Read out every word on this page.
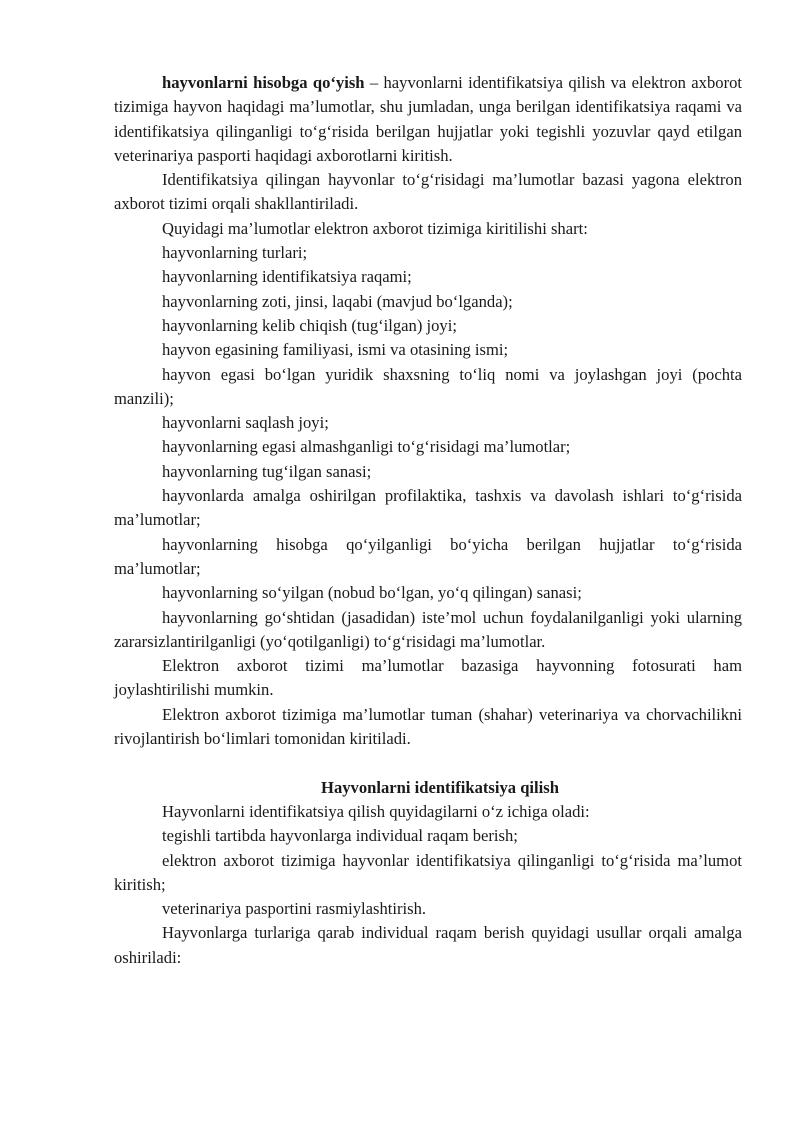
hayvonlarni hisobga qo‘yish – hayvonlarni identifikatsiya qilish va elektron axborot tizimiga hayvon haqidagi ma’lumotlar, shu jumladan, unga berilgan identifikatsiya raqami va identifikatsiya qilinganligi to‘g‘risida berilgan hujjatlar yoki tegishli yozuvlar qayd etilgan veterinariya pasporti haqidagi axborotlarni kiritish.

Identifikatsiya qilingan hayvonlar to‘g‘risidagi ma’lumotlar bazasi yagona elektron axborot tizimi orqali shakllantiriladi.

Quyidagi ma’lumotlar elektron axborot tizimiga kiritilishi shart:

hayvonlarning turlari;

hayvonlarning identifikatsiya raqami;

hayvonlarning zoti, jinsi, laqabi (mavjud bo‘lganda);

hayvonlarning kelib chiqish (tug‘ilgan) joyi;

hayvon egasining familiyasi, ismi va otasining ismi;

hayvon egasi bo‘lgan yuridik shaxsning to‘liq nomi va joylashgan joyi (pochta manzili);

hayvonlarni saqlash joyi;

hayvonlarning egasi almashganligi to‘g‘risidagi ma’lumotlar;

hayvonlarning tug‘ilgan sanasi;

hayvonlarda amalga oshirilgan profilaktika, tashxis va davolash ishlari to‘g‘risida ma’lumotlar;

hayvonlarning hisobga qo‘yilganligi bo‘yicha berilgan hujjatlar to‘g‘risida ma’lumotlar;

hayvonlarning so‘yilgan (nobud bo‘lgan, yo‘q qilingan) sanasi;

hayvonlarning go‘shtidan (jasadidan) iste’mol uchun foydalanilganligi yoki ularning zararsizlantirilganligi (yo‘qotilganligi) to‘g‘risidagi ma’lumotlar.

Elektron axborot tizimi ma’lumotlar bazasiga hayvonning fotosurati ham joylashtirilishi mumkin.

Elektron axborot tizimiga ma’lumotlar tuman (shahar) veterinariya va chorvachilikni rivojlantirish bo‘limlari tomonidan kiritiladi.

Hayvonlarni identifikatsiya qilish

Hayvonlarni identifikatsiya qilish quyidagilarni o‘z ichiga oladi:

tegishli tartibda hayvonlarga individual raqam berish;

elektron axborot tizimiga hayvonlar identifikatsiya qilinganligi to‘g‘risida ma’lumot kiritish;

veterinariya pasportini rasmiylashtirish.

Hayvonlarga turlariga qarab individual raqam berish quyidagi usullar orqali amalga oshiriladi:
